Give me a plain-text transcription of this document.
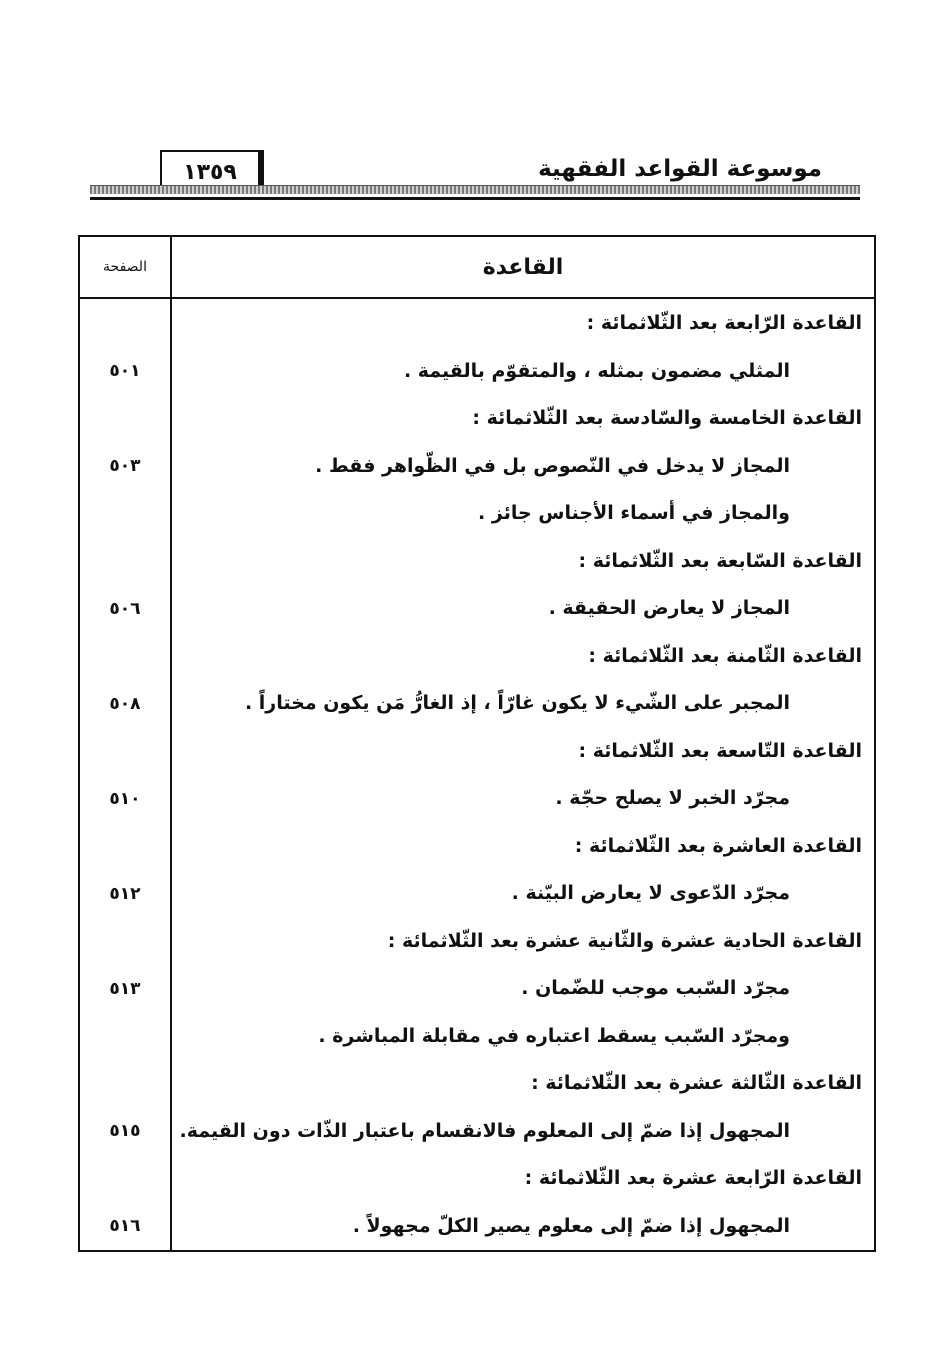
١٣٥٩	موسوعة القواعد الفقهية
الصفحة	القاعدة
القاعدة الرّابعة بعد الثّلاثمائة :
٥٠١	المثلي مضمون بمثله ، والمتقوّم بالقيمة .
القاعدة الخامسة والسّادسة بعد الثّلاثمائة :
٥٠٣	المجاز لا يدخل في النّصوص بل في الظّواهر فقط .
والمجاز في أسماء الأجناس جائز .
القاعدة السّابعة بعد الثّلاثمائة :
٥٠٦	المجاز لا يعارض الحقيقة .
القاعدة الثّامنة بعد الثّلاثمائة :
٥٠٨	المجبر على الشّيء لا يكون غارّاً ، إذ الغارُّ مَن يكون مختاراً .
القاعدة التّاسعة بعد الثّلاثمائة :
٥١٠	مجرّد الخبر لا يصلح حجّة .
القاعدة العاشرة بعد الثّلاثمائة :
٥١٢	مجرّد الدّعوى لا يعارض البيّنة .
القاعدة الحادية عشرة والثّانية عشرة بعد الثّلاثمائة :
٥١٣	مجرّد السّبب موجب للضّمان .
ومجرّد السّبب يسقط اعتباره في مقابلة المباشرة .
القاعدة الثّالثة عشرة بعد الثّلاثمائة :
٥١٥	المجهول إذا ضمّ إلى المعلوم فالانقسام باعتبار الذّات دون القيمة.
القاعدة الرّابعة عشرة بعد الثّلاثمائة :
٥١٦	المجهول إذا ضمّ إلى معلوم يصير الكلّ مجهولاً .
